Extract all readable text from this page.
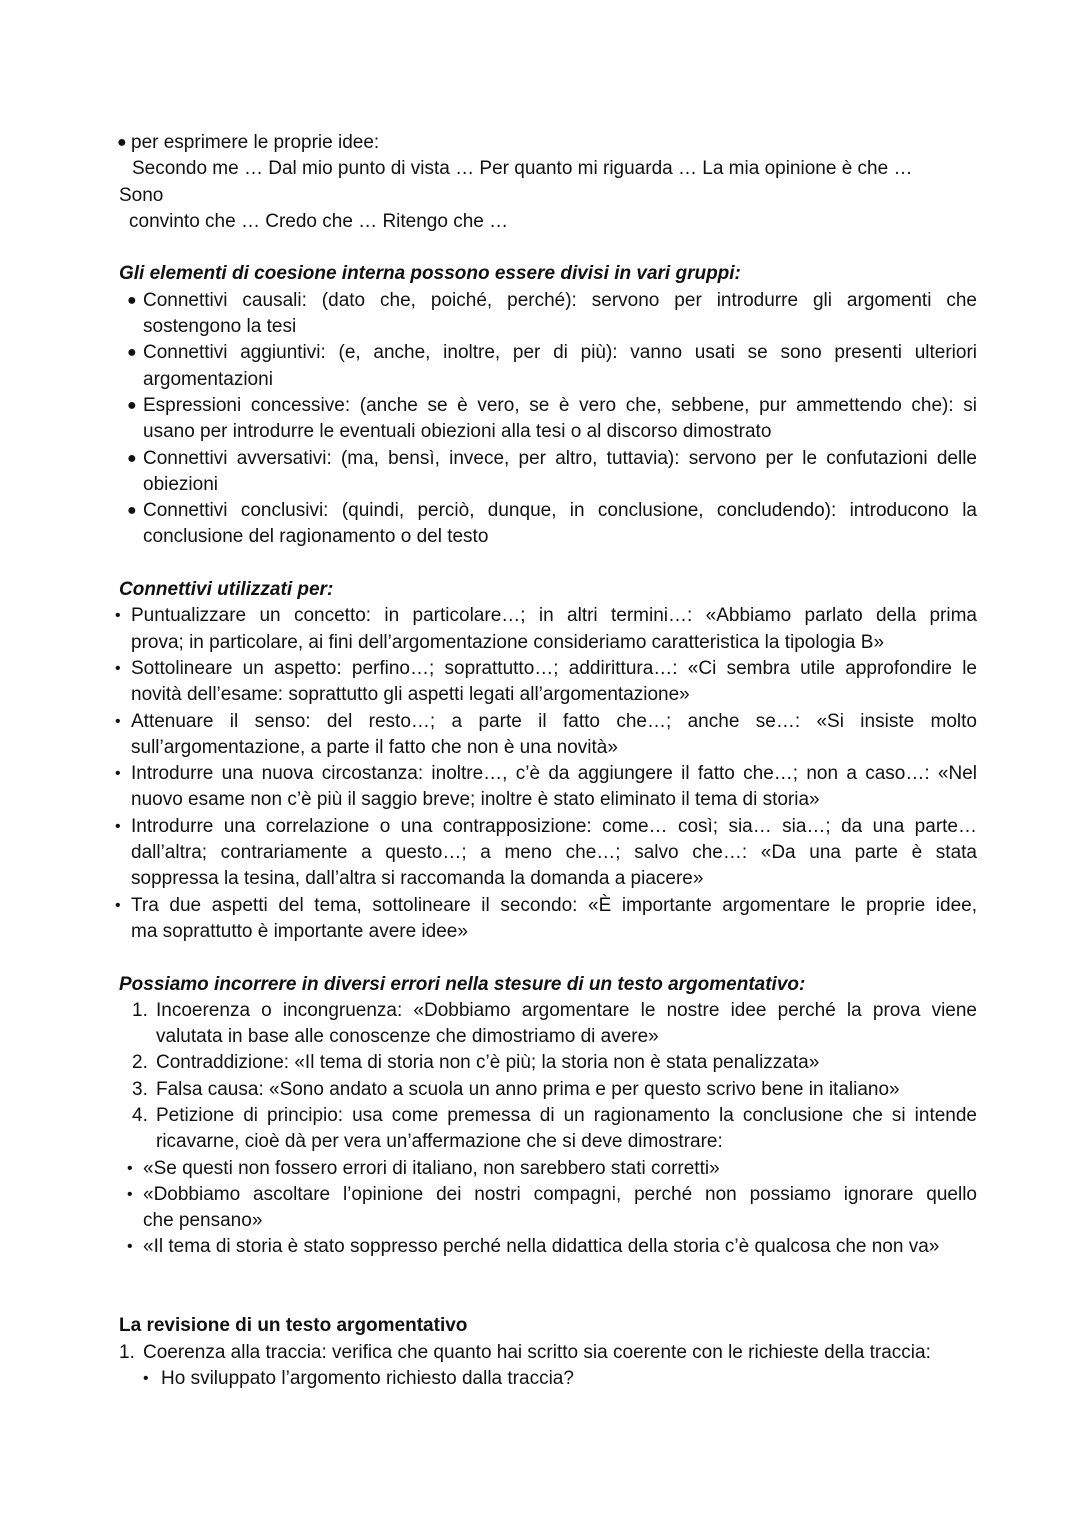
● per esprimere le proprie idee:
Secondo me … Dal mio punto di vista … Per quanto mi riguarda … La mia opinione è che …
Sono
convinto che … Credo che … Ritengo che …
Gli elementi di coesione interna possono essere divisi in vari gruppi:
● Connettivi causali: (dato che, poiché, perché): servono per introdurre gli argomenti che
sostengono la tesi
● Connettivi aggiuntivi: (e, anche, inoltre, per di più): vanno usati se sono presenti ulteriori
argomentazioni
● Espressioni concessive: (anche se è vero, se è vero che, sebbene, pur ammettendo che): si
usano per introdurre le eventuali obiezioni alla tesi o al discorso dimostrato
● Connettivi avversativi: (ma, bensì, invece, per altro, tuttavia): servono per le confutazioni delle
obiezioni
● Connettivi conclusivi: (quindi, perciò, dunque, in conclusione, concludendo): introducono la
conclusione del ragionamento o del testo
Connettivi utilizzati per:
• Puntualizzare un concetto: in particolare…; in altri termini…: «Abbiamo parlato della prima
prova; in particolare, ai fini dell’argomentazione consideriamo caratteristica la tipologia B»
• Sottolineare un aspetto: perfino…; soprattutto…; addirittura…: «Ci sembra utile approfondire le
novità dell’esame: soprattutto gli aspetti legati all’argomentazione»
• Attenuare il senso: del resto…; a parte il fatto che…; anche se…: «Si insiste molto
sull’argomentazione, a parte il fatto che non è una novità»
• Introdurre una nuova circostanza: inoltre…, c’è da aggiungere il fatto che…; non a caso…: «Nel
nuovo esame non c’è più il saggio breve; inoltre è stato eliminato il tema di storia»
• Introdurre una correlazione o una contrapposizione: come… così; sia… sia…; da una parte…
dall’altra; contrariamente a questo…; a meno che…; salvo che…: «Da una parte è stata
soppressa la tesina, dall’altra si raccomanda la domanda a piacere»
• Tra due aspetti del tema, sottolineare il secondo: «È importante argomentare le proprie idee,
ma soprattutto è importante avere idee»
Possiamo incorrere in diversi errori nella stesure di un testo argomentativo:
1. Incoerenza o incongruenza: «Dobbiamo argomentare le nostre idee perché la prova viene
valutata in base alle conoscenze che dimostriamo di avere»
2. Contraddizione: «Il tema di storia non c’è più; la storia non è stata penalizzata»
3. Falsa causa: «Sono andato a scuola un anno prima e per questo scrivo bene in italiano»
4. Petizione di principio: usa come premessa di un ragionamento la conclusione che si intende
ricavarne, cioè dà per vera un’affermazione che si deve dimostrare:
• «Se questi non fossero errori di italiano, non sarebbero stati corretti»
• «Dobbiamo ascoltare l’opinione dei nostri compagni, perché non possiamo ignorare quello
che pensano»
• «Il tema di storia è stato soppresso perché nella didattica della storia c’è qualcosa che non va»
La revisione di un testo argomentativo
1. Coerenza alla traccia: verifica che quanto hai scritto sia coerente con le richieste della traccia:
• Ho sviluppato l’argomento richiesto dalla traccia?
